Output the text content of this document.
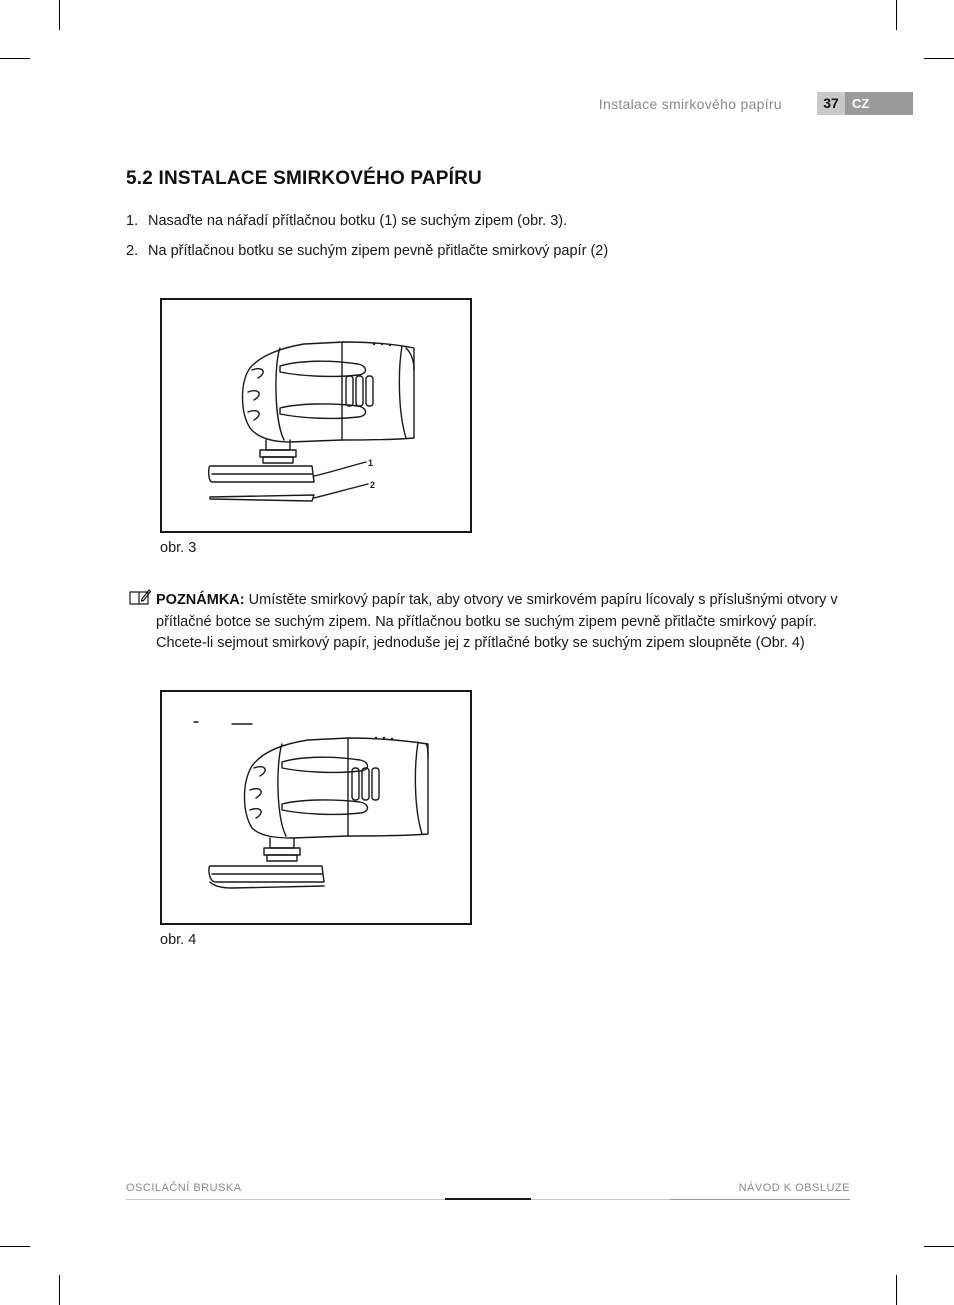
Instalace smirkového papíru	37	CZ
5.2 INSTALACE SMIRKOVÉHO PAPÍRU
1. Nasaďte na nářadí přítlačnou botku (1) se suchým zipem (obr. 3).
2. Na přítlačnou botku se suchým zipem pevně přitlačte smirkový papír (2)
1
2
obr. 3
POZNÁMKA: Umístěte smirkový papír tak, aby otvory ve smirkovém papíru lícovaly s příslušnými otvory v přítlačné botce se suchým zipem. Na přítlačnou botku se suchým zipem pevně přitlačte smirkový papír. Chcete-li sejmout smirkový papír, jednoduše jej z přítlačné botky se suchým zipem sloupněte (Obr. 4)
obr. 4
OSCILAČNÍ BRUSKA	NÁVOD K OBSLUZE
